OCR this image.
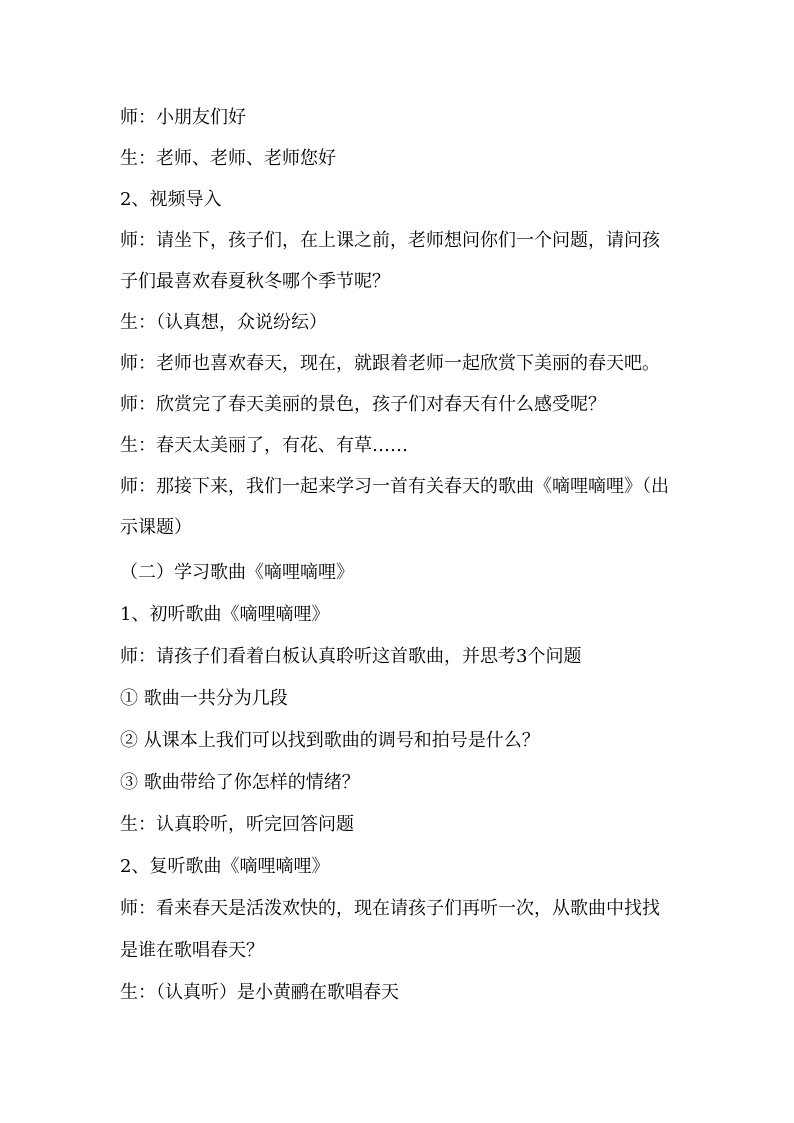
师：小朋友们好
生：老师、老师、老师您好
2、视频导入
师：请坐下，孩子们，在上课之前，老师想问你们一个问题，请问孩
子们最喜欢春夏秋冬哪个季节呢？
生：（认真想，众说纷纭）
师：老师也喜欢春天，现在，就跟着老师一起欣赏下美丽的春天吧。
师：欣赏完了春天美丽的景色，孩子们对春天有什么感受呢？
生：春天太美丽了，有花、有草……
师：那接下来，我们一起来学习一首有关春天的歌曲《嘀哩嘀哩》（出
示课题）
（二）学习歌曲《嘀哩嘀哩》
1、初听歌曲《嘀哩嘀哩》
师：请孩子们看着白板认真聆听这首歌曲，并思考3个问题
① 歌曲一共分为几段
② 从课本上我们可以找到歌曲的调号和拍号是什么？
③ 歌曲带给了你怎样的情绪？
生：认真聆听，听完回答问题
2、复听歌曲《嘀哩嘀哩》
师：看来春天是活泼欢快的，现在请孩子们再听一次，从歌曲中找找
是谁在歌唱春天？
生：（认真听）是小黄鹂在歌唱春天
